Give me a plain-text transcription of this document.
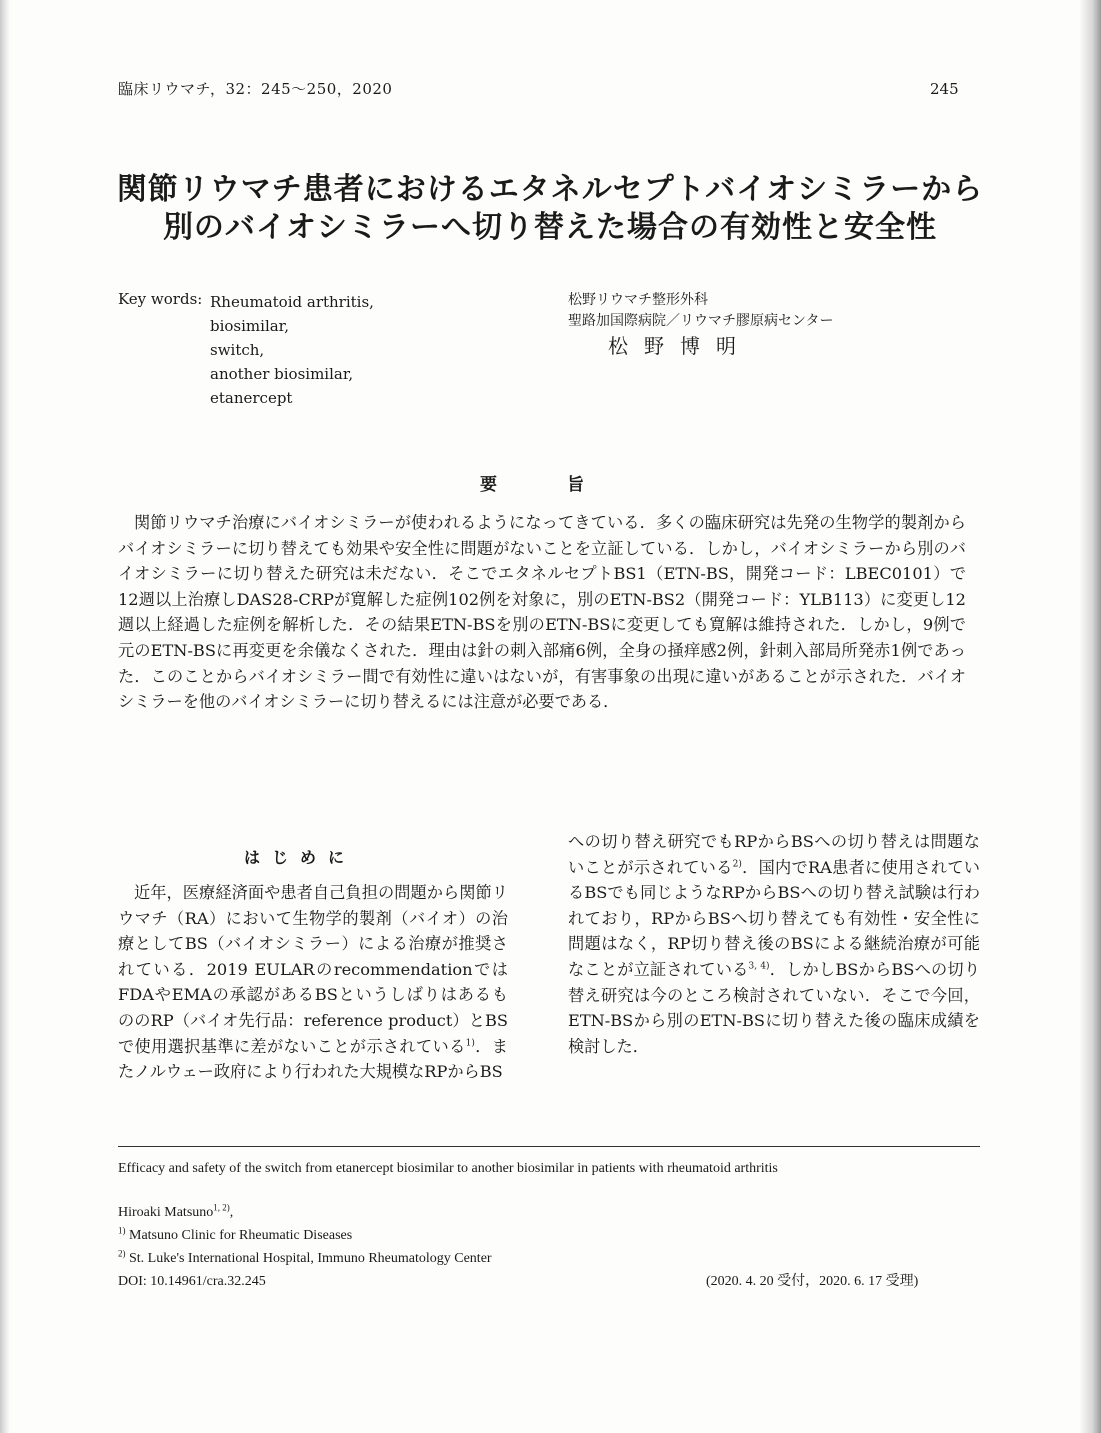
臨床リウマチ，32：245〜250，2020	245
関節リウマチ患者におけるエタネルセプトバイオシミラーから
別のバイオシミラーへ切り替えた場合の有効性と安全性
Key words: Rheumatoid arthritis,
biosimilar,
switch,
another biosimilar,
etanercept
松野リウマチ整形外科
聖路加国際病院／リウマチ膠原病センター
松野博明
要旨
関節リウマチ治療にバイオシミラーが使われるようになってきている．多くの臨床研究は先発の生物学的製剤からバイオシミラーに切り替えても効果や安全性に問題がないことを立証している．しかし，バイオシミラーから別のバイオシミラーに切り替えた研究は未だない．そこでエタネルセプトBS1（ETN-BS，開発コード：LBEC0101）で12週以上治療しDAS28-CRPが寛解した症例102例を対象に，別のETN-BS2（開発コード：YLB113）に変更し12週以上経過した症例を解析した．その結果ETN-BSを別のETN-BSに変更しても寛解は維持された．しかし，9例で元のETN-BSに再変更を余儀なくされた．理由は針の刺入部痛6例，全身の掻痒感2例，針刺入部局所発赤1例であった．このことからバイオシミラー間で有効性に違いはないが，有害事象の出現に違いがあることが示された．バイオシミラーを他のバイオシミラーに切り替えるには注意が必要である．
はじめに
近年，医療経済面や患者自己負担の問題から関節リウマチ（RA）において生物学的製剤（バイオ）の治療としてBS（バイオシミラー）による治療が推奨されている．2019 EULARのrecommendationではFDAやEMAの承認があるBSというしばりはあるもののRP（バイオ先行品：reference product）とBSで使用選択基準に差がないことが示されている$^{1)}$．またノルウェー政府により行われた大規模なRPからBS
への切り替え研究でもRPからBSへの切り替えは問題ないことが示されている$^{2)}$．国内でRA患者に使用されているBSでも同じようなRPからBSへの切り替え試験は行われており，RPからBSへ切り替えても有効性・安全性に問題はなく，RP切り替え後のBSによる継続治療が可能なことが立証されている$^{3, 4)}$．しかしBSからBSへの切り替え研究は今のところ検討されていない．そこで今回，ETN-BSから別のETN-BSに切り替えた後の臨床成績を検討した．
Efficacy and safety of the switch from etanercept biosimilar to another biosimilar in patients with rheumatoid arthritis
Hiroaki Matsuno$^{1, 2)}$,
$^{1)}$ Matsuno Clinic for Rheumatic Diseases
$^{2)}$ St. Luke's International Hospital, Immuno Rheumatology Center
DOI: 10.14961/cra.32.245	(2020. 4. 20 受付，2020. 6. 17 受理)
